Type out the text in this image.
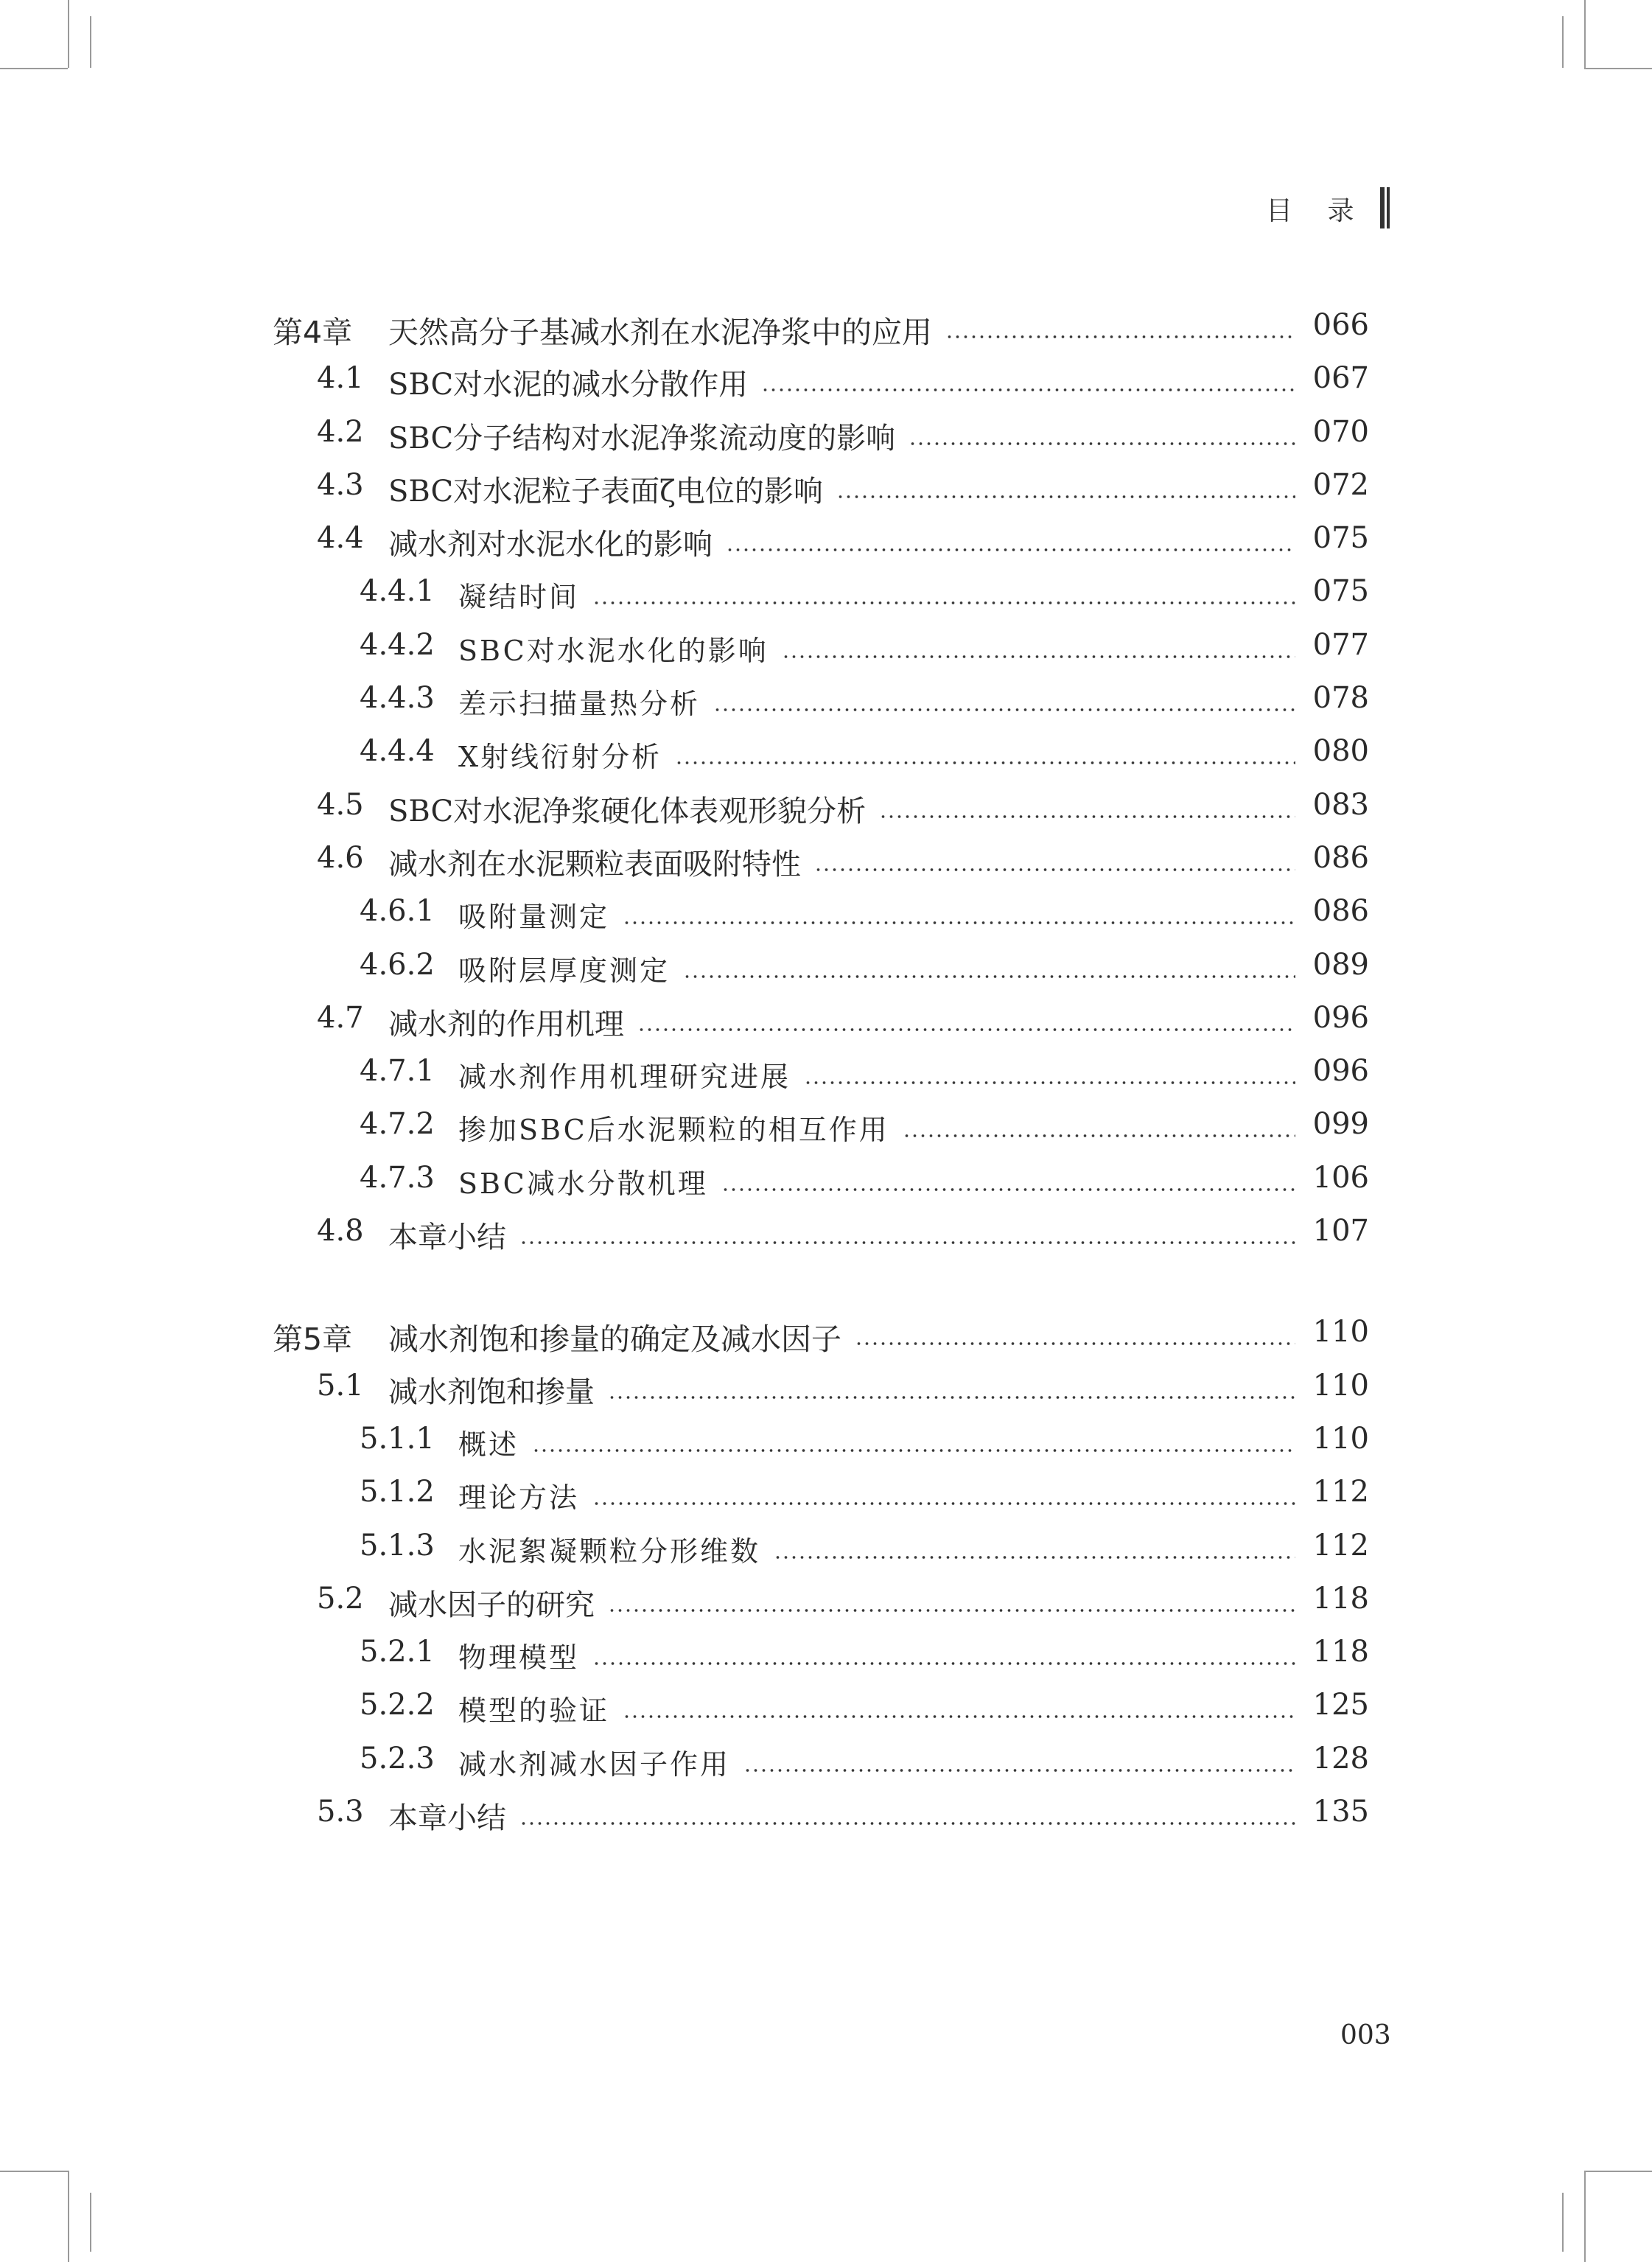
目 录
第4章 天然高分子基减水剂在水泥净浆中的应用	066
4.1 SBC对水泥的减水分散作用	067
4.2 SBC分子结构对水泥净浆流动度的影响	070
4.3 SBC对水泥粒子表面ζ电位的影响	072
4.4 减水剂对水泥水化的影响	075
4.4.1 凝结时间	075
4.4.2 SBC对水泥水化的影响	077
4.4.3 差示扫描量热分析	078
4.4.4 X射线衍射分析	080
4.5 SBC对水泥净浆硬化体表观形貌分析	083
4.6 减水剂在水泥颗粒表面吸附特性	086
4.6.1 吸附量测定	086
4.6.2 吸附层厚度测定	089
4.7 减水剂的作用机理	096
4.7.1 减水剂作用机理研究进展	096
4.7.2 掺加SBC后水泥颗粒的相互作用	099
4.7.3 SBC减水分散机理	106
4.8 本章小结	107
第5章 减水剂饱和掺量的确定及减水因子	110
5.1 减水剂饱和掺量	110
5.1.1 概述	110
5.1.2 理论方法	112
5.1.3 水泥絮凝颗粒分形维数	112
5.2 减水因子的研究	118
5.2.1 物理模型	118
5.2.2 模型的验证	125
5.2.3 减水剂减水因子作用	128
5.3 本章小结	135
003
